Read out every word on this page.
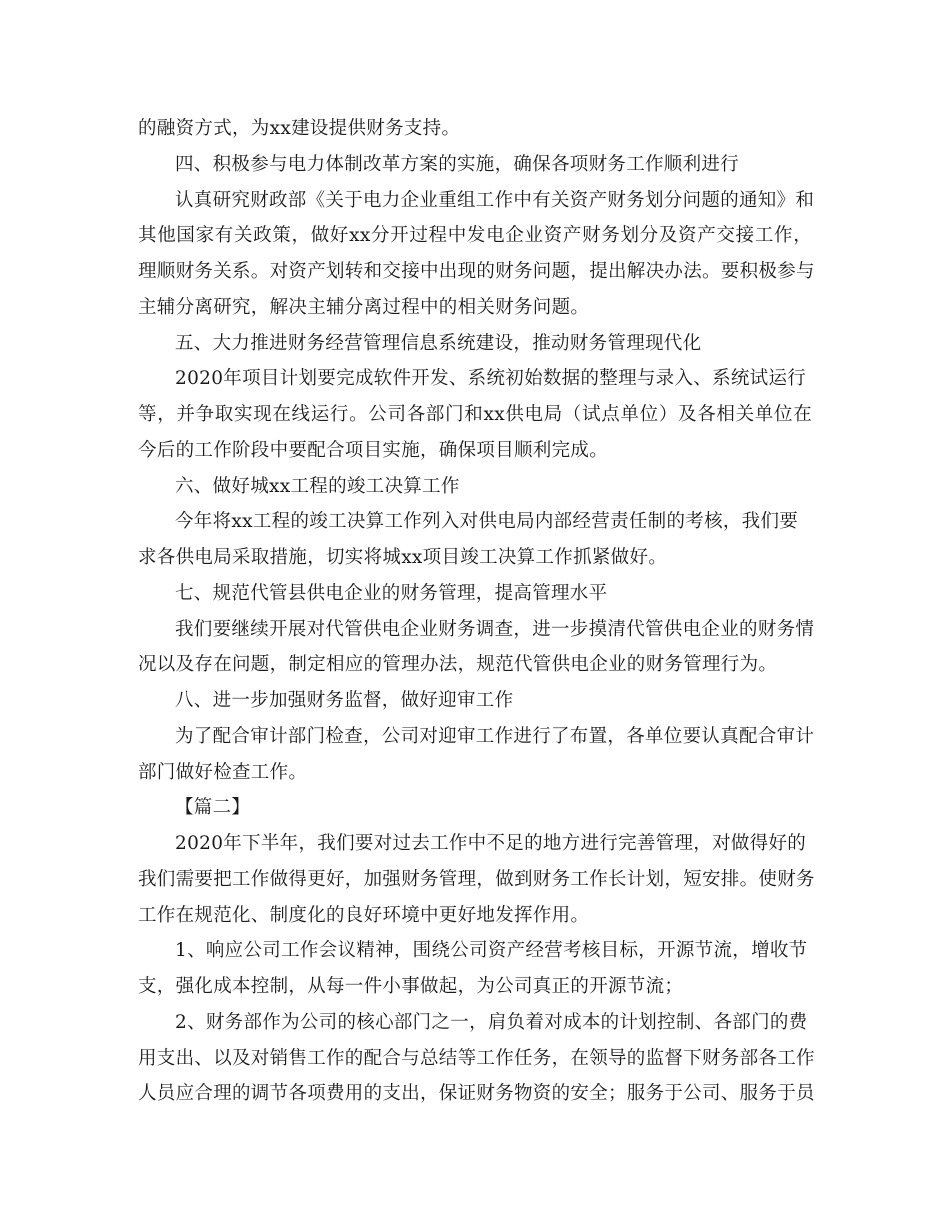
的融资方式，为xx建设提供财务支持。
四、积极参与电力体制改革方案的实施，确保各项财务工作顺利进行
认真研究财政部《关于电力企业重组工作中有关资产财务划分问题的通知》和
其他国家有关政策，做好xx分开过程中发电企业资产财务划分及资产交接工作，
理顺财务关系。对资产划转和交接中出现的财务问题，提出解决办法。要积极参与
主辅分离研究，解决主辅分离过程中的相关财务问题。
五、大力推进财务经营管理信息系统建设，推动财务管理现代化
2020年项目计划要完成软件开发、系统初始数据的整理与录入、系统试运行
等，并争取实现在线运行。公司各部门和xx供电局（试点单位）及各相关单位在
今后的工作阶段中要配合项目实施，确保项目顺利完成。
六、做好城xx工程的竣工决算工作
今年将xx工程的竣工决算工作列入对供电局内部经营责任制的考核，我们要
求各供电局采取措施，切实将城xx项目竣工决算工作抓紧做好。
七、规范代管县供电企业的财务管理，提高管理水平
我们要继续开展对代管供电企业财务调查，进一步摸清代管供电企业的财务情
况以及存在问题，制定相应的管理办法，规范代管供电企业的财务管理行为。
八、进一步加强财务监督，做好迎审工作
为了配合审计部门检查，公司对迎审工作进行了布置，各单位要认真配合审计
部门做好检查工作。
【篇二】
2020年下半年，我们要对过去工作中不足的地方进行完善管理，对做得好的
我们需要把工作做得更好，加强财务管理，做到财务工作长计划，短安排。使财务
工作在规范化、制度化的良好环境中更好地发挥作用。
1、响应公司工作会议精神，围绕公司资产经营考核目标，开源节流，增收节
支，强化成本控制，从每一件小事做起，为公司真正的开源节流；
2、财务部作为公司的核心部门之一，肩负着对成本的计划控制、各部门的费
用支出、以及对销售工作的配合与总结等工作任务，在领导的监督下财务部各工作
人员应合理的调节各项费用的支出，保证财务物资的安全；服务于公司、服务于员
